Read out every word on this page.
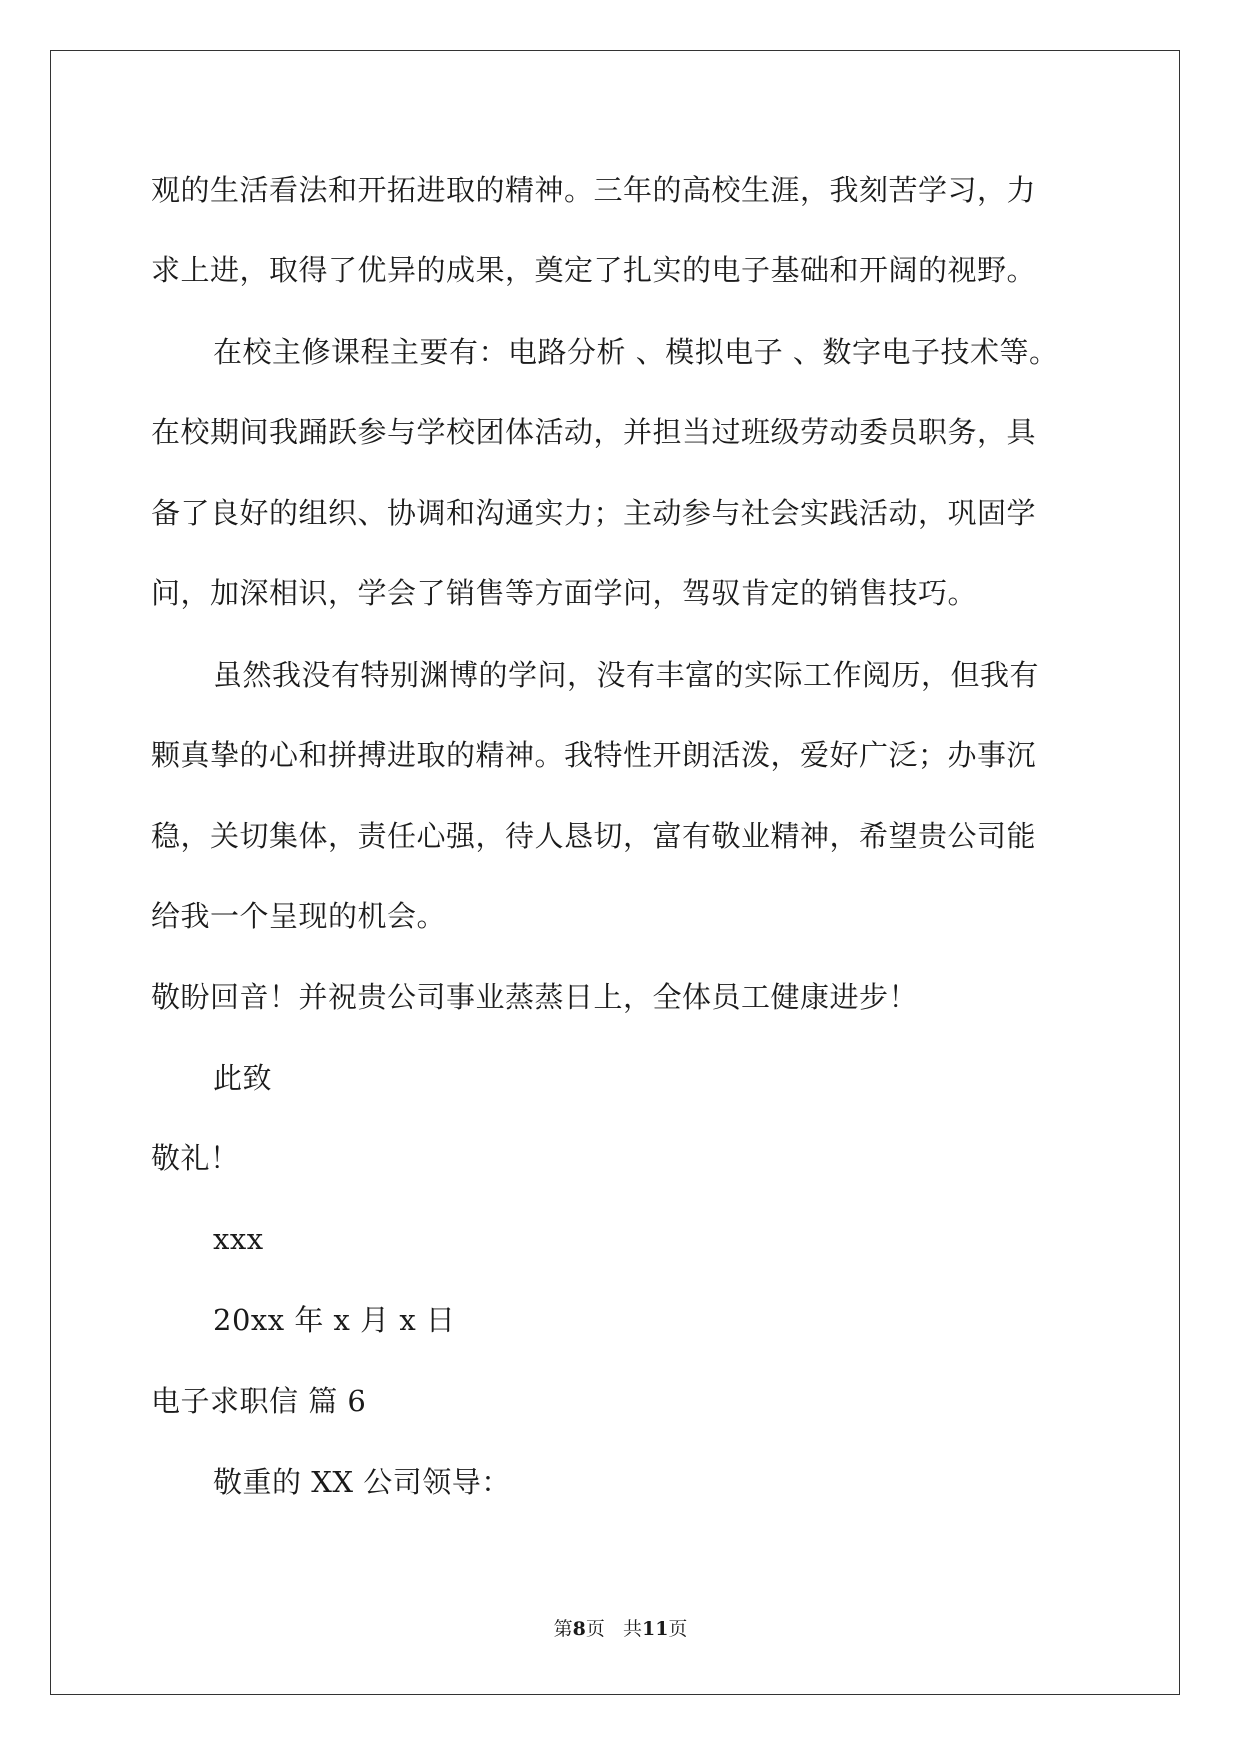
观的生活看法和开拓进取的精神。三年的高校生涯，我刻苦学习，力
求上进，取得了优异的成果，奠定了扎实的电子基础和开阔的视野。
在校主修课程主要有：电路分析 、模拟电子 、数字电子技术等。
在校期间我踊跃参与学校团体活动，并担当过班级劳动委员职务，具
备了良好的组织、协调和沟通实力；主动参与社会实践活动，巩固学
问，加深相识，学会了销售等方面学问，驾驭肯定的销售技巧。
虽然我没有特别渊博的学问，没有丰富的实际工作阅历，但我有
颗真挚的心和拼搏进取的精神。我特性开朗活泼，爱好广泛；办事沉
稳，关切集体，责任心强，待人恳切，富有敬业精神，希望贵公司能
给我一个呈现的机会。
敬盼回音！并祝贵公司事业蒸蒸日上，全体员工健康进步！
此致
敬礼！
xxx
20xx 年 x 月 x 日
电子求职信 篇 6
敬重的 XX 公司领导：
第8页 共11页
